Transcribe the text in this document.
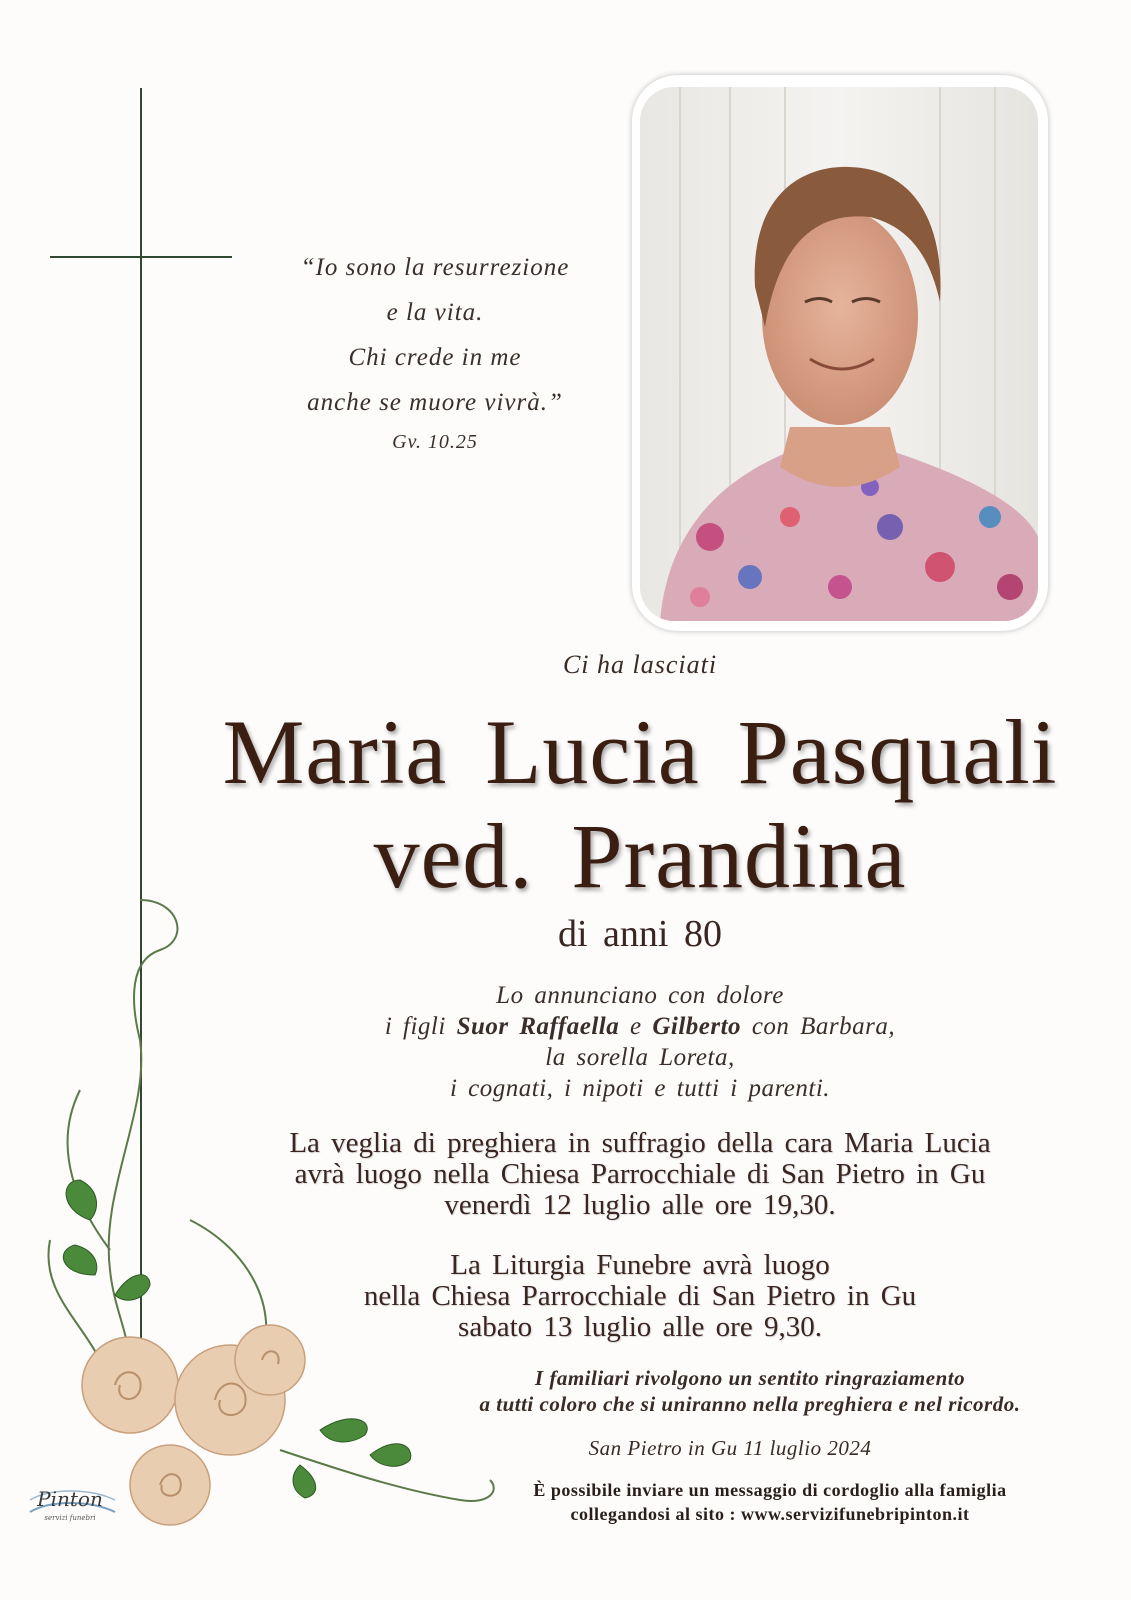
“Io sono la resurrezione
e la vita.
Chi crede in me
anche se muore vivrà.”
Gv. 10.25
Ci ha lasciati
Maria Lucia Pasquali
ved. Prandina
di anni 80
Lo annunciano con dolore
i figli Suor Raffaella e Gilberto con Barbara,
la sorella Loreta,
i cognati, i nipoti e tutti i parenti.
La veglia di preghiera in suffragio della cara Maria Lucia
avrà luogo nella Chiesa Parrocchiale di San Pietro in Gu
venerdì 12 luglio alle ore 19,30.
La Liturgia Funebre avrà luogo
nella Chiesa Parrocchiale di San Pietro in Gu
sabato 13 luglio alle ore 9,30.
I familiari rivolgono un sentito ringraziamento
a tutti coloro che si uniranno nella preghiera e nel ricordo.
San Pietro in Gu 11 luglio 2024
È possibile inviare un messaggio di cordoglio alla famiglia
collegandosi al sito : www.servizifunebripinton.it
Pinton
servizi funebri
